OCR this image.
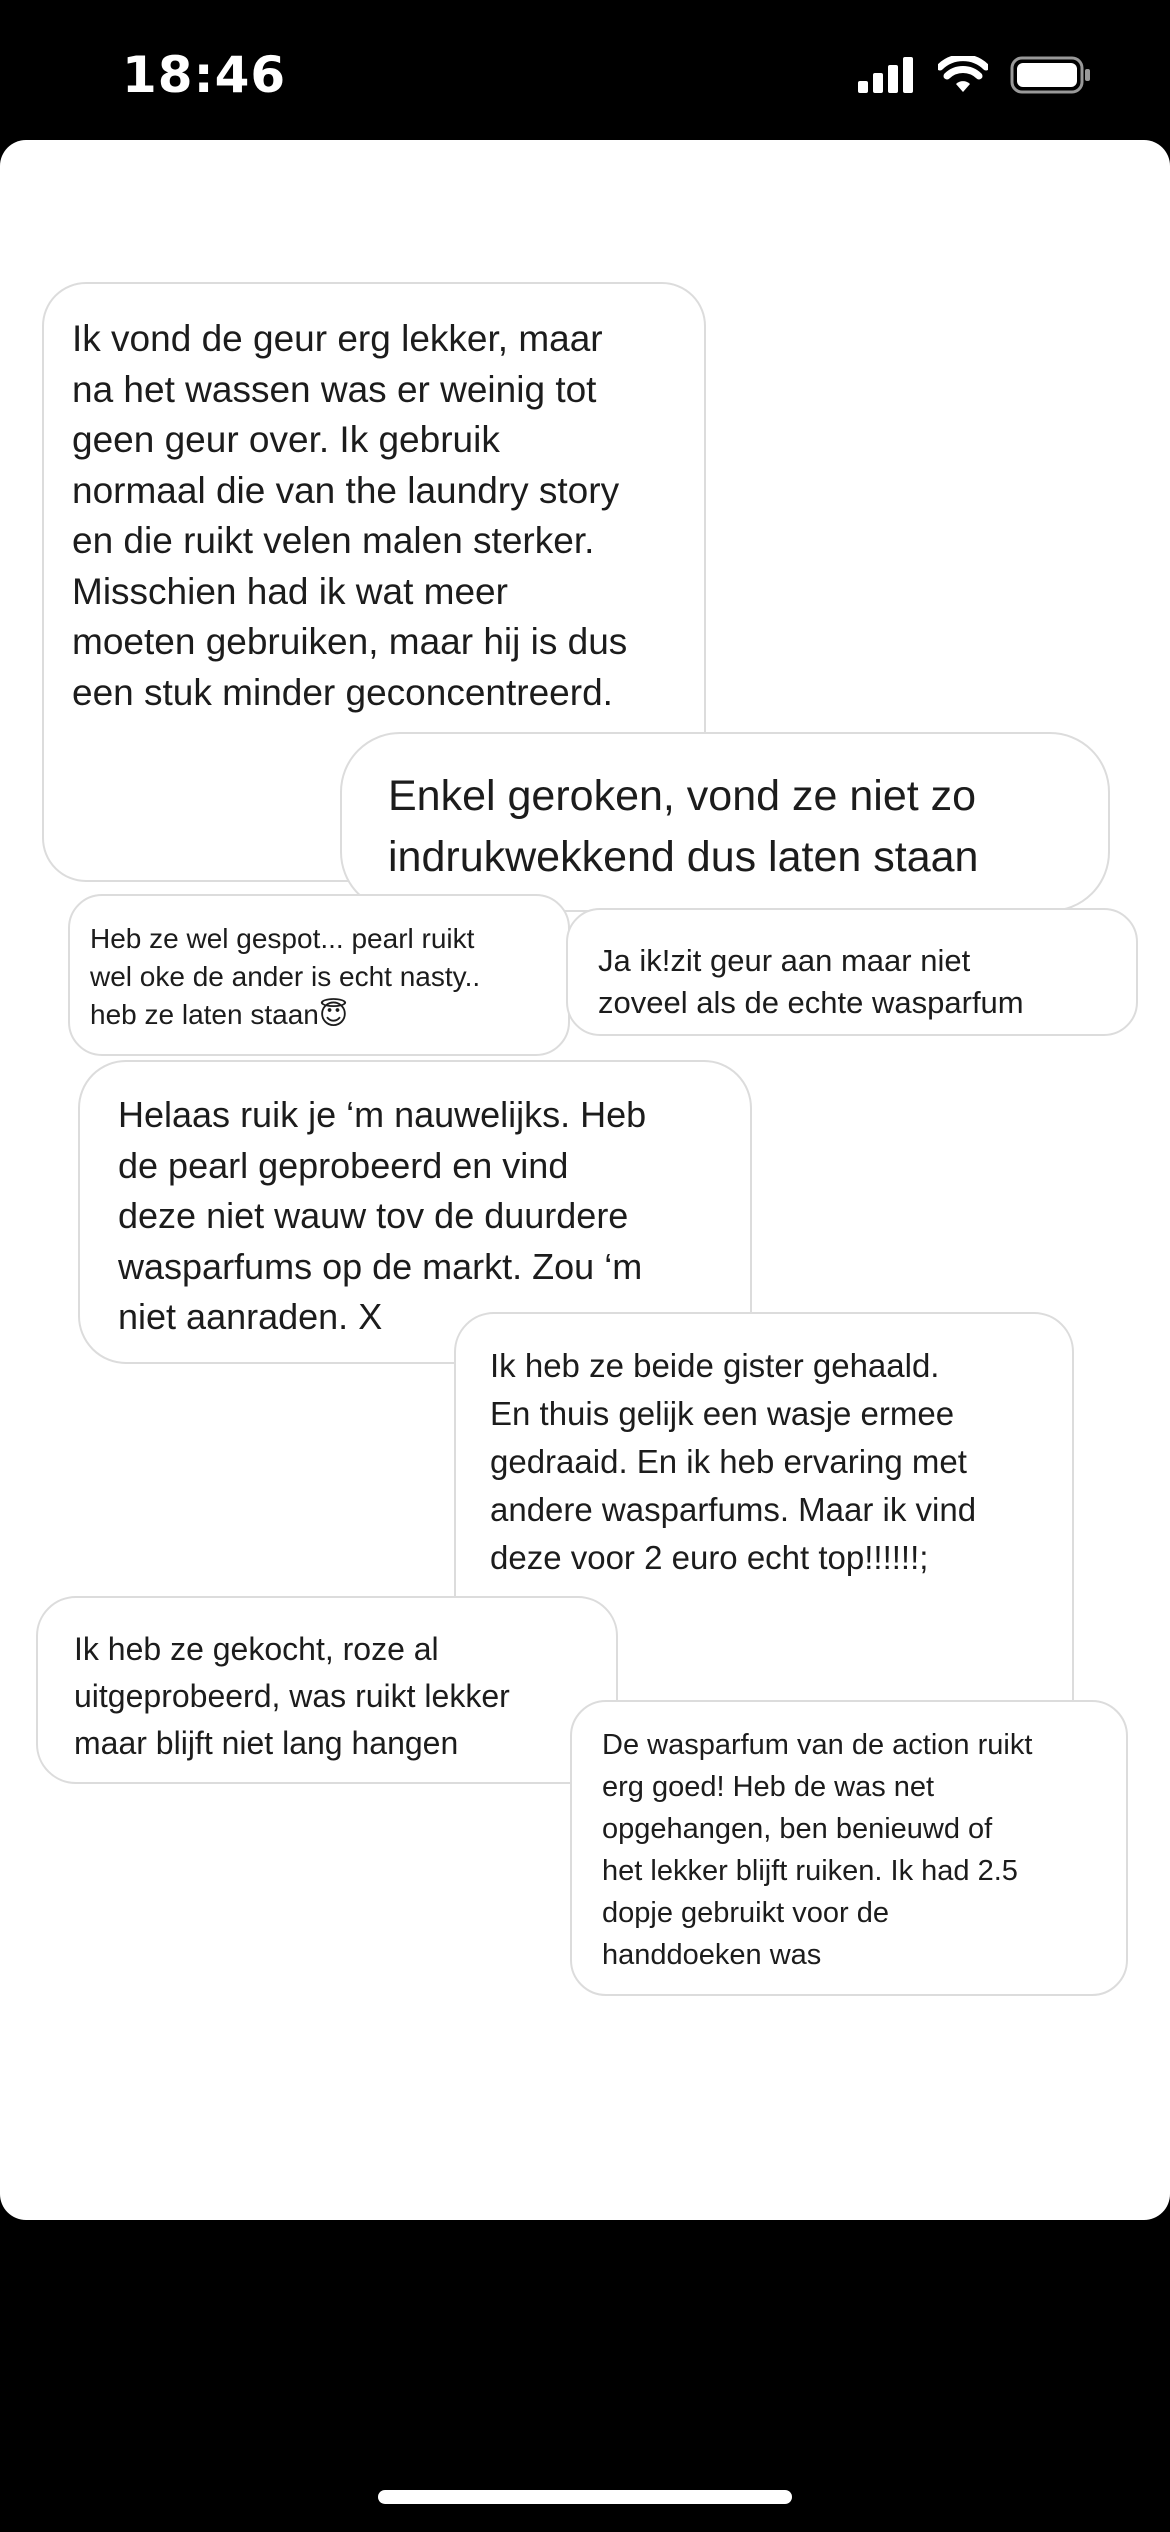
18:46

Ik vond de geur erg lekker, maar
na het wassen was er weinig tot
geen geur over. Ik gebruik
normaal die van the laundry story
en die ruikt velen malen sterker.
Misschien had ik wat meer
moeten gebruiken, maar hij is dus
een stuk minder geconcentreerd.

Enkel geroken, vond ze niet zo
indrukwekkend dus laten staan

Heb ze wel gespot... pearl ruikt
wel oke de ander is echt nasty..
heb ze laten staan😇

Ja ik!zit geur aan maar niet
zoveel als de echte wasparfum

Helaas ruik je ‘m nauwelijks. Heb
de pearl geprobeerd en vind
deze niet wauw tov de duurdere
wasparfums op de markt. Zou ‘m
niet aanraden. X

Ik heb ze beide gister gehaald.
En thuis gelijk een wasje ermee
gedraaid. En ik heb ervaring met
andere wasparfums. Maar ik vind
deze voor 2 euro echt top!!!!!!;

Ik heb ze gekocht, roze al
uitgeprobeerd, was ruikt lekker
maar blijft niet lang hangen	De wasparfum van de action ruikt
erg goed! Heb de was net
opgehangen, ben benieuwd of
het lekker blijft ruiken. Ik had 2.5
dopje gebruikt voor de
handdoeken was
